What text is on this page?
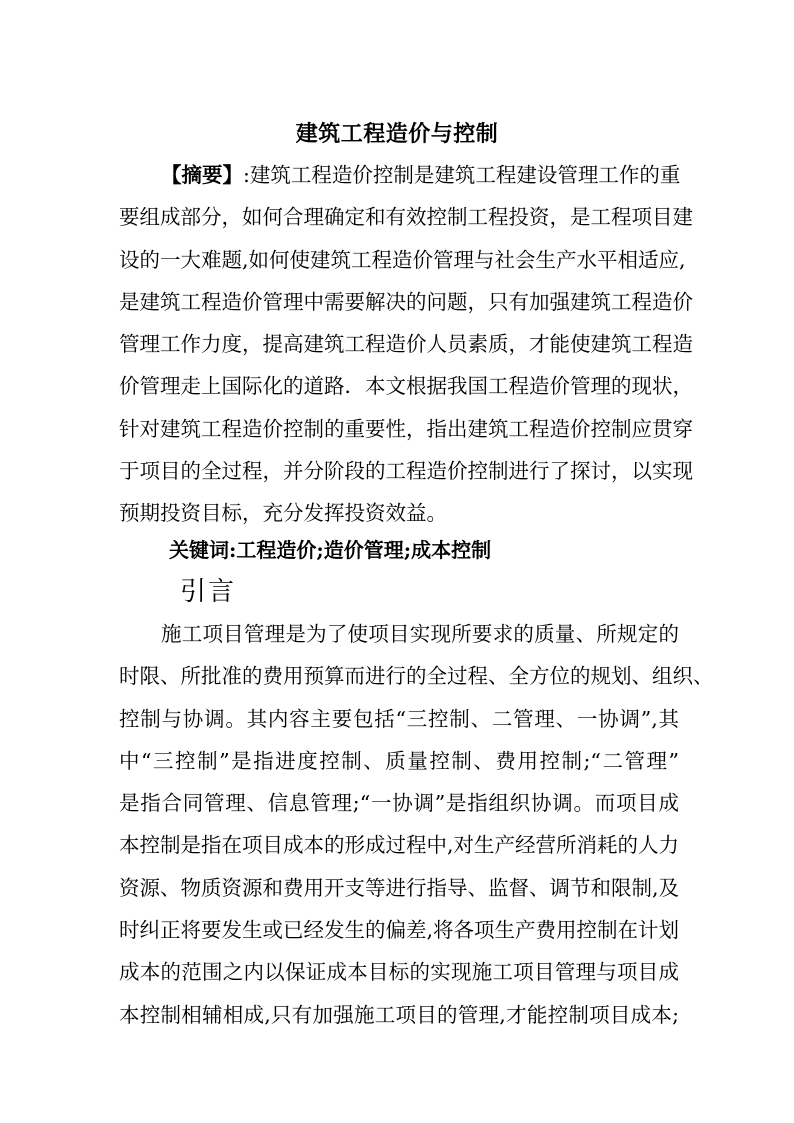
建筑工程造价与控制
【摘要】:建筑工程造价控制是建筑工程建设管理工作的重
要组成部分，如何合理确定和有效控制工程投资，是工程项目建
设的一大难题,如何使建筑工程造价管理与社会生产水平相适应,
是建筑工程造价管理中需要解决的问题，只有加强建筑工程造价
管理工作力度，提高建筑工程造价人员素质，才能使建筑工程造
价管理走上国际化的道路．本文根据我国工程造价管理的现状，
针对建筑工程造价控制的重要性，指出建筑工程造价控制应贯穿
于项目的全过程，并分阶段的工程造价控制进行了探讨，以实现
预期投资目标，充分发挥投资效益。
关键词:工程造价;造价管理;成本控制
引言
施工项目管理是为了使项目实现所要求的质量、所规定的
时限、所批准的费用预算而进行的全过程、全方位的规划、组织、
控制与协调。其内容主要包括“三控制、二管理、一协调”,其
中“三控制”是指进度控制、质量控制、费用控制;“二管理”
是指合同管理、信息管理;“一协调”是指组织协调。而项目成
本控制是指在项目成本的形成过程中,对生产经营所消耗的人力
资源、物质资源和费用开支等进行指导、监督、调节和限制,及
时纠正将要发生或已经发生的偏差,将各项生产费用控制在计划
成本的范围之内以保证成本目标的实现施工项目管理与项目成
本控制相辅相成,只有加强施工项目的管理,才能控制项目成本;
